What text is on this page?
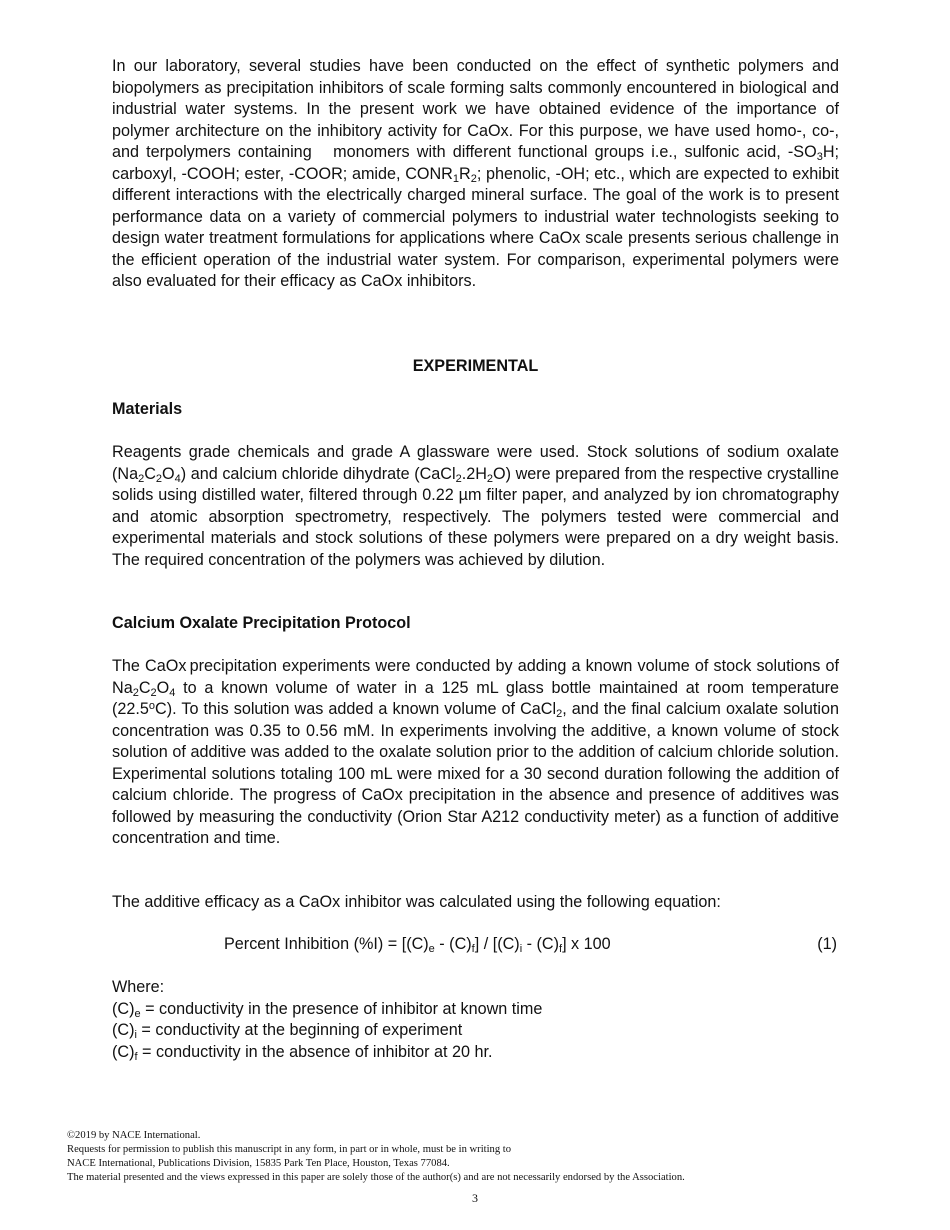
In our laboratory, several studies have been conducted on the effect of synthetic polymers and biopolymers as precipitation inhibitors of scale forming salts commonly encountered in biological and industrial water systems. In the present work we have obtained evidence of the importance of polymer architecture on the inhibitory activity for CaOx. For this purpose, we have used homo-, co-, and terpolymers containing   monomers with different functional groups i.e., sulfonic acid, $-SO_3H$; carboxyl, -COOH; ester, -COOR; amide, $CONR_1R_2$; phenolic, -OH; etc., which are expected to exhibit different interactions with the electrically charged mineral surface. The goal of the work is to present performance data on a variety of commercial polymers to industrial water technologists seeking to design water treatment formulations for applications where CaOx scale presents serious challenge in the efficient operation of the industrial water system. For comparison, experimental polymers were also evaluated for their efficacy as CaOx inhibitors.

EXPERIMENTAL
Materials

Reagents grade chemicals and grade A glassware were used. Stock solutions of sodium oxalate $(Na_2C_2O_4)$ and calcium chloride dihydrate $(CaCl_2.2H_2O)$ were prepared from the respective crystalline solids using distilled water, filtered through 0.22 µm filter paper, and analyzed by ion chromatography and atomic absorption spectrometry, respectively. The polymers tested were commercial and experimental materials and stock solutions of these polymers were prepared on a dry weight basis. The required concentration of the polymers was achieved by dilution.

Calcium Oxalate Precipitation Protocol

The CaOx precipitation experiments were conducted by adding a known volume of stock solutions of $Na_2C_2O_4$ to a known volume of water in a 125 mL glass bottle maintained at room temperature (22.5$^o$C). To this solution was added a known volume of CaCl$_2$, and the final calcium oxalate solution concentration was 0.35 to 0.56 mM. In experiments involving the additive, a known volume of stock solution of additive was added to the oxalate solution prior to the addition of calcium chloride solution. Experimental solutions totaling 100 mL were mixed for a 30 second duration following the addition of calcium chloride. The progress of CaOx precipitation in the absence and presence of additives was followed by measuring the conductivity (Orion Star A212 conductivity meter) as a function of additive concentration and time.

The additive efficacy as a CaOx inhibitor was calculated using the following equation:

Percent Inhibition $(\%I) = [(C)_e - (C)_f] / [(C)_i - (C)_f]$ x 100	(1)
Where:
$(C)_e$ = conductivity in the presence of inhibitor at known time
$(C)_i$ = conductivity at the beginning of experiment
$(C)_f$ = conductivity in the absence of inhibitor at 20 hr.
©2019 by NACE International.
Requests for permission to publish this manuscript in any form, in part or in whole, must be in writing to
NACE International, Publications Division, 15835 Park Ten Place, Houston, Texas 77084.
The material presented and the views expressed in this paper are solely those of the author(s) and are not necessarily endorsed by the Association.
3
